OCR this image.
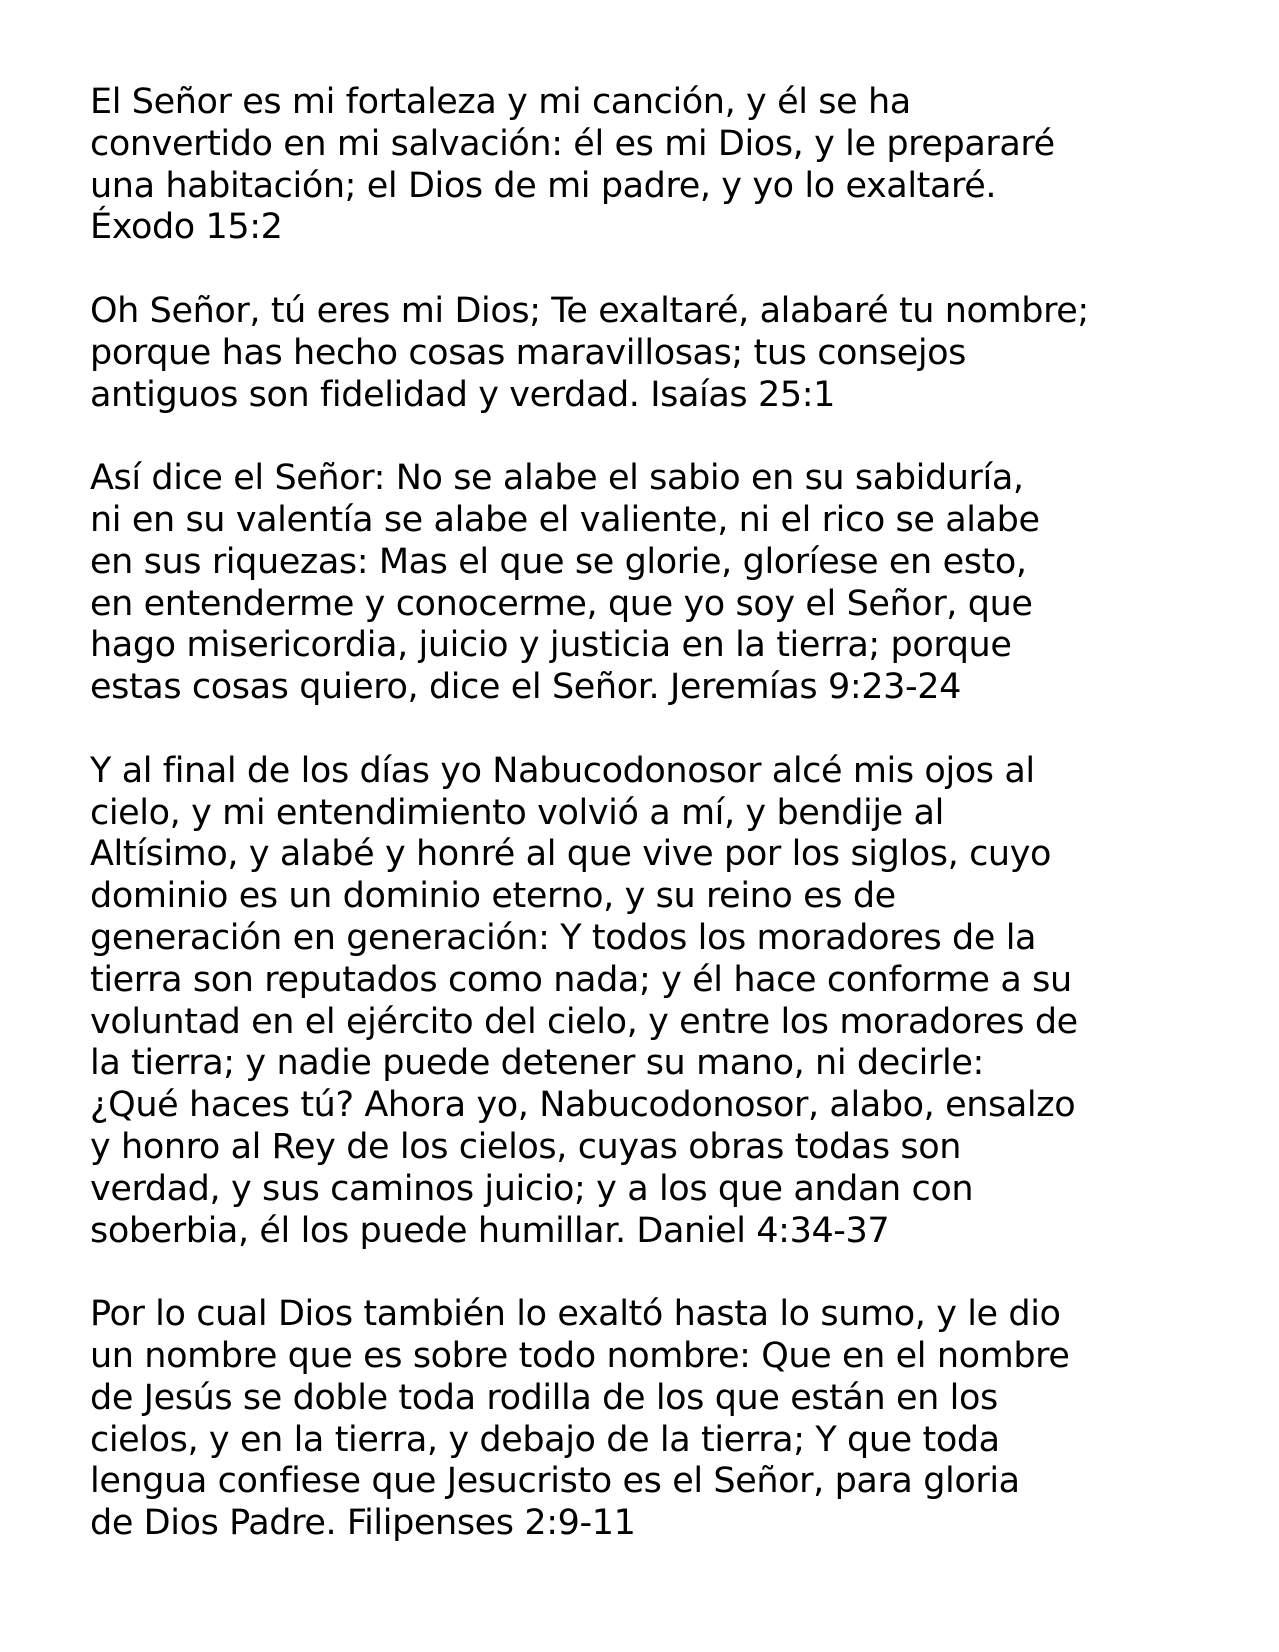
El Señor es mi fortaleza y mi canción, y él se ha
convertido en mi salvación: él es mi Dios, y le prepararé
una habitación; el Dios de mi padre, y yo lo exaltaré.
Éxodo 15:2
Oh Señor, tú eres mi Dios; Te exaltaré, alabaré tu nombre;
porque has hecho cosas maravillosas; tus consejos
antiguos son fidelidad y verdad. Isaías 25:1
Así dice el Señor: No se alabe el sabio en su sabiduría,
ni en su valentía se alabe el valiente, ni el rico se alabe
en sus riquezas: Mas el que se glorie, gloríese en esto,
en entenderme y conocerme, que yo soy el Señor, que
hago misericordia, juicio y justicia en la tierra; porque
estas cosas quiero, dice el Señor. Jeremías 9:23-24
Y al final de los días yo Nabucodonosor alcé mis ojos al
cielo, y mi entendimiento volvió a mí, y bendije al
Altísimo, y alabé y honré al que vive por los siglos, cuyo
dominio es un dominio eterno, y su reino es de
generación en generación: Y todos los moradores de la
tierra son reputados como nada; y él hace conforme a su
voluntad en el ejército del cielo, y entre los moradores de
la tierra; y nadie puede detener su mano, ni decirle:
¿Qué haces tú? Ahora yo, Nabucodonosor, alabo, ensalzo
y honro al Rey de los cielos, cuyas obras todas son
verdad, y sus caminos juicio; y a los que andan con
soberbia, él los puede humillar. Daniel 4:34-37
Por lo cual Dios también lo exaltó hasta lo sumo, y le dio
un nombre que es sobre todo nombre: Que en el nombre
de Jesús se doble toda rodilla de los que están en los
cielos, y en la tierra, y debajo de la tierra; Y que toda
lengua confiese que Jesucristo es el Señor, para gloria
de Dios Padre. Filipenses 2:9-11
